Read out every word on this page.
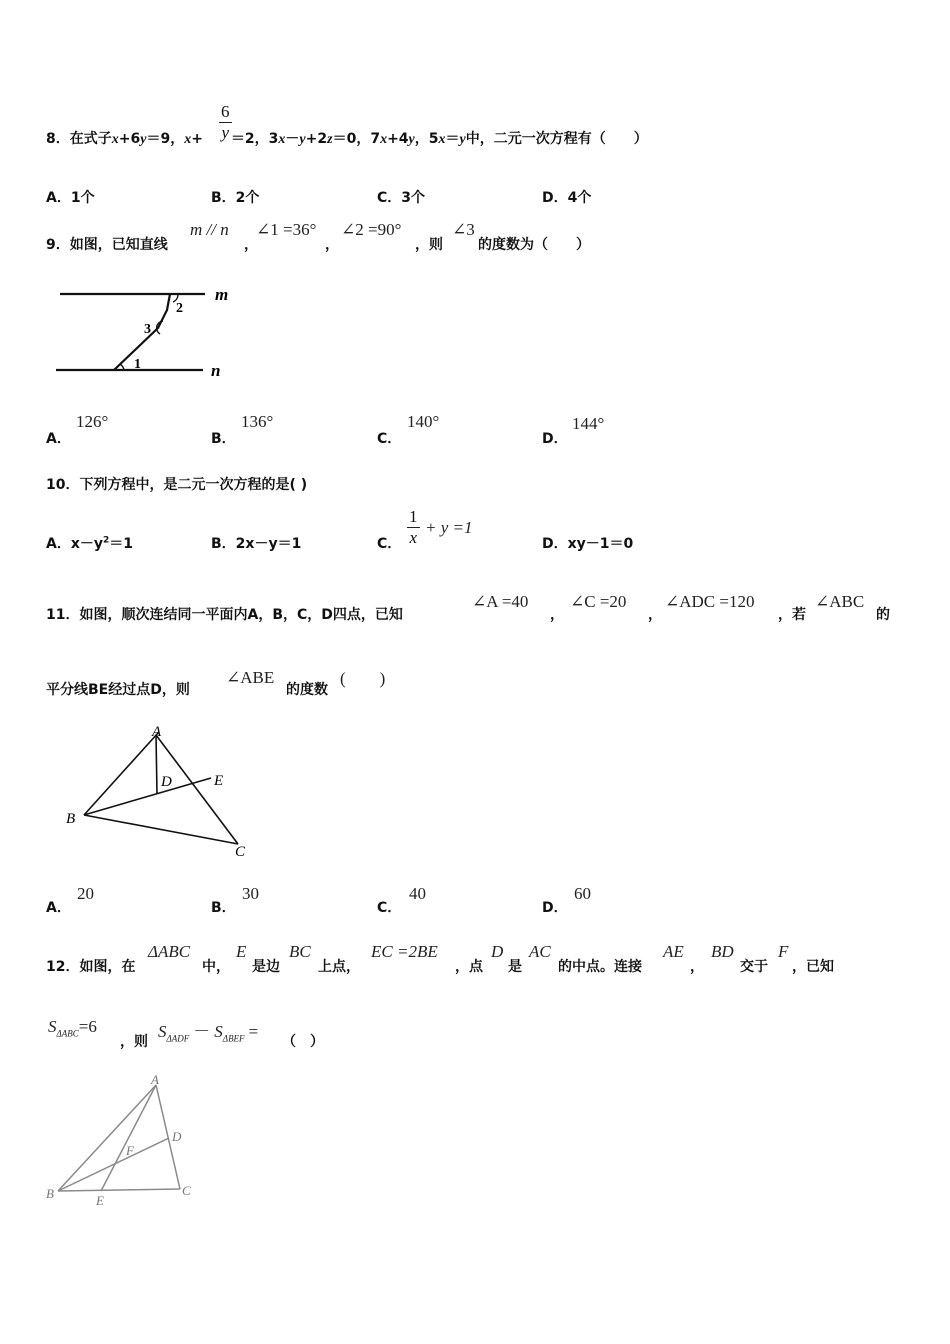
8．在式子x+6y＝9，x+ ＝2，3x－y+2z＝0，7x+4y，5x＝y中，二元一次方程有（　　）
$\frac{6}{y}$
A．1个	B．2个	C．3个	D．4个
9．如图，已知直线
m // n
，
∠1 =36°
，
∠2 =90°
，则
∠3
的度数为（　　）
m
n
2
3
1
A．
126°
B．
136°
C．
140°
D．
144°
10．下列方程中，是二元一次方程的是( )
A．$x-y^2=1$	B．2x－y＝1	C． $\frac{1}{x} + y =1$
D．xy－1＝0
11．如图，顺次连结同一平面内A，B，C，D四点，已知
∠A =40
，
∠C =20
，
∠ADC =120
，若
∠ABC
的
平分线BE经过点D，则
∠ABE
的度数
(　　)
A
D	E
B
C
A．
20
B．
30
C．
40
D．
60
12．如图，在
ΔABC
中，
E
是边
BC
上点，
EC =2BE
，点
D
是
AC
的中点。连接
AE
，
BD
交于
F
，已知
$S_{\Delta ABC}=6$
，则
$S_{\Delta ADF} - S_{\Delta BEF}$ =
（　）
A
D
F
B	E
C
